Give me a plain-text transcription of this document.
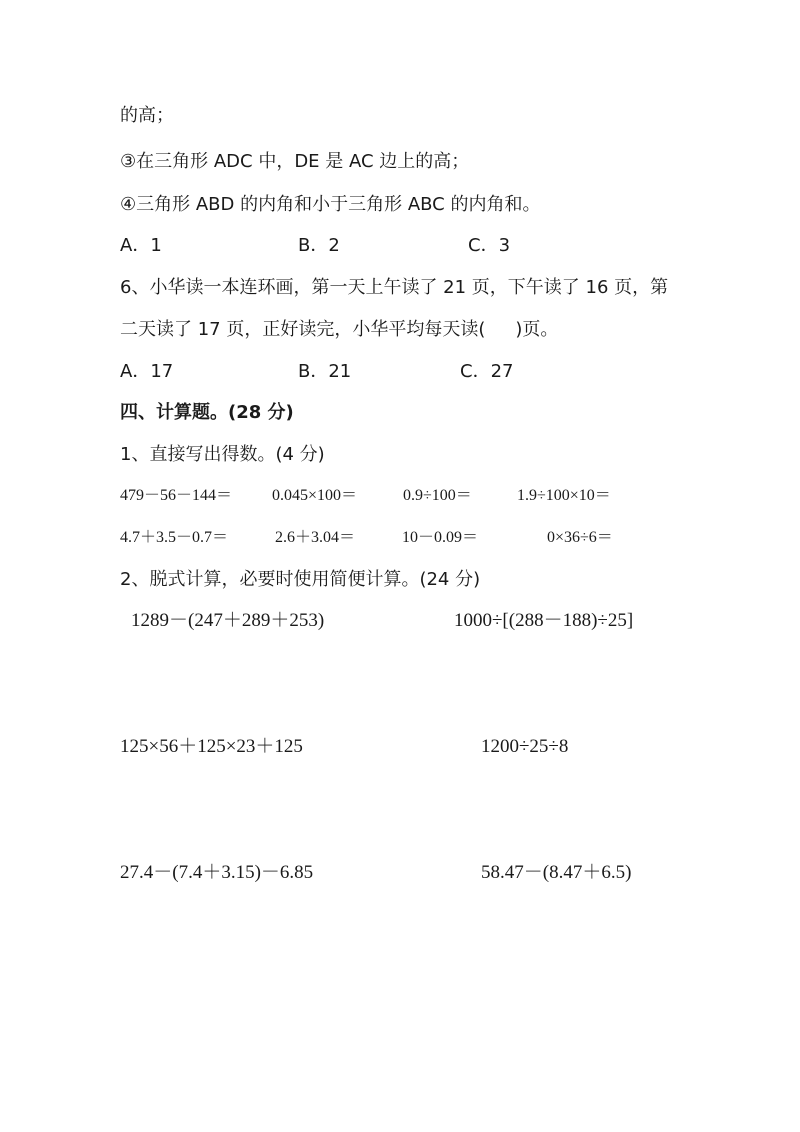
的高；
③在三角形 ADC 中，DE 是 AC 边上的高；
④三角形 ABD 的内角和小于三角形 ABC 的内角和。
A．1	B．2	C．3
6、小华读一本连环画，第一天上午读了 21 页，下午读了 16 页，第
二天读了 17 页，正好读完，小华平均每天读( )页。
A．17	B．21	C．27
四、计算题。(28 分)
1、直接写出得数。(4 分)
479－56－144＝ 0.045×100＝	0.9÷100＝	1.9÷100×10＝
4.7＋3.5－0.7＝	2.6＋3.04＝	10－0.09＝	0×36÷6＝
2、脱式计算，必要时使用简便计算。(24 分)
1289－(247＋289＋253)	1000÷[(288－188)÷25]
125×56＋125×23＋125	1200÷25÷8
27.4－(7.4＋3.15)－6.85	58.47－(8.47＋6.5)
